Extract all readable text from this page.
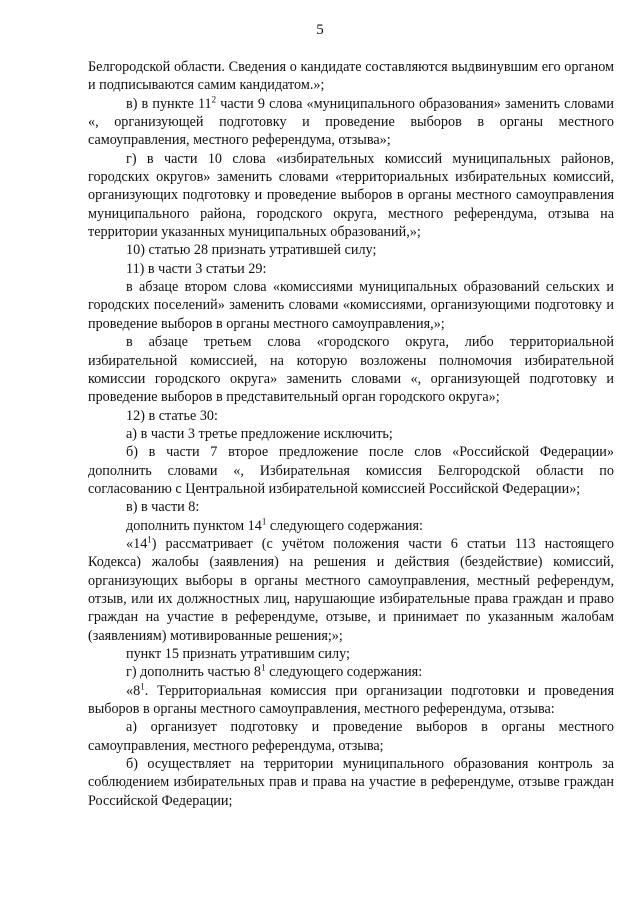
5

Белгородской области. Сведения о кандидате составляются выдвинувшим его органом и подписываются самим кандидатом.»;

в) в пункте $11^2$ части 9 слова «муниципального образования» заменить словами «, организующей подготовку и проведение выборов в органы местного самоуправления, местного референдума, отзыва»;

г) в части 10 слова «избирательных комиссий муниципальных районов, городских округов» заменить словами «территориальных избирательных комиссий, организующих подготовку и проведение выборов в органы местного самоуправления муниципального района, городского округа, местного референдума, отзыва на территории указанных муниципальных образований,»;

10) статью 28 признать утратившей силу;

11) в части 3 статьи 29:

в абзаце втором слова «комиссиями муниципальных образований сельских и городских поселений» заменить словами «комиссиями, организующими подготовку и проведение выборов в органы местного самоуправления,»;

в абзаце третьем слова «городского округа, либо территориальной избирательной комиссией, на которую возложены полномочия избирательной комиссии городского округа» заменить словами «, организующей подготовку и проведение выборов в представительный орган городского округа»;

12) в статье 30:

а) в части 3 третье предложение исключить;

б) в части 7 второе предложение после слов «Российской Федерации» дополнить словами «, Избирательная комиссия Белгородской области по согласованию с Центральной избирательной комиссией Российской Федерации»;

в) в части 8:

дополнить пунктом $14^1$ следующего содержания:

«$14^1$) рассматривает (с учётом положения части 6 статьи 113 настоящего Кодекса) жалобы (заявления) на решения и действия (бездействие) комиссий, организующих выборы в органы местного самоуправления, местный референдум, отзыв, или их должностных лиц, нарушающие избирательные права граждан и право граждан на участие в референдуме, отзыве, и принимает по указанным жалобам (заявлениям) мотивированные решения;»;

пункт 15 признать утратившим силу;

г) дополнить частью $8^1$ следующего содержания:

«$8^1$. Территориальная комиссия при организации подготовки и проведения выборов в органы местного самоуправления, местного референдума, отзыва:

а) организует подготовку и проведение выборов в органы местного самоуправления, местного референдума, отзыва;

б) осуществляет на территории муниципального образования контроль за соблюдением избирательных прав и права на участие в референдуме, отзыве граждан Российской Федерации;
